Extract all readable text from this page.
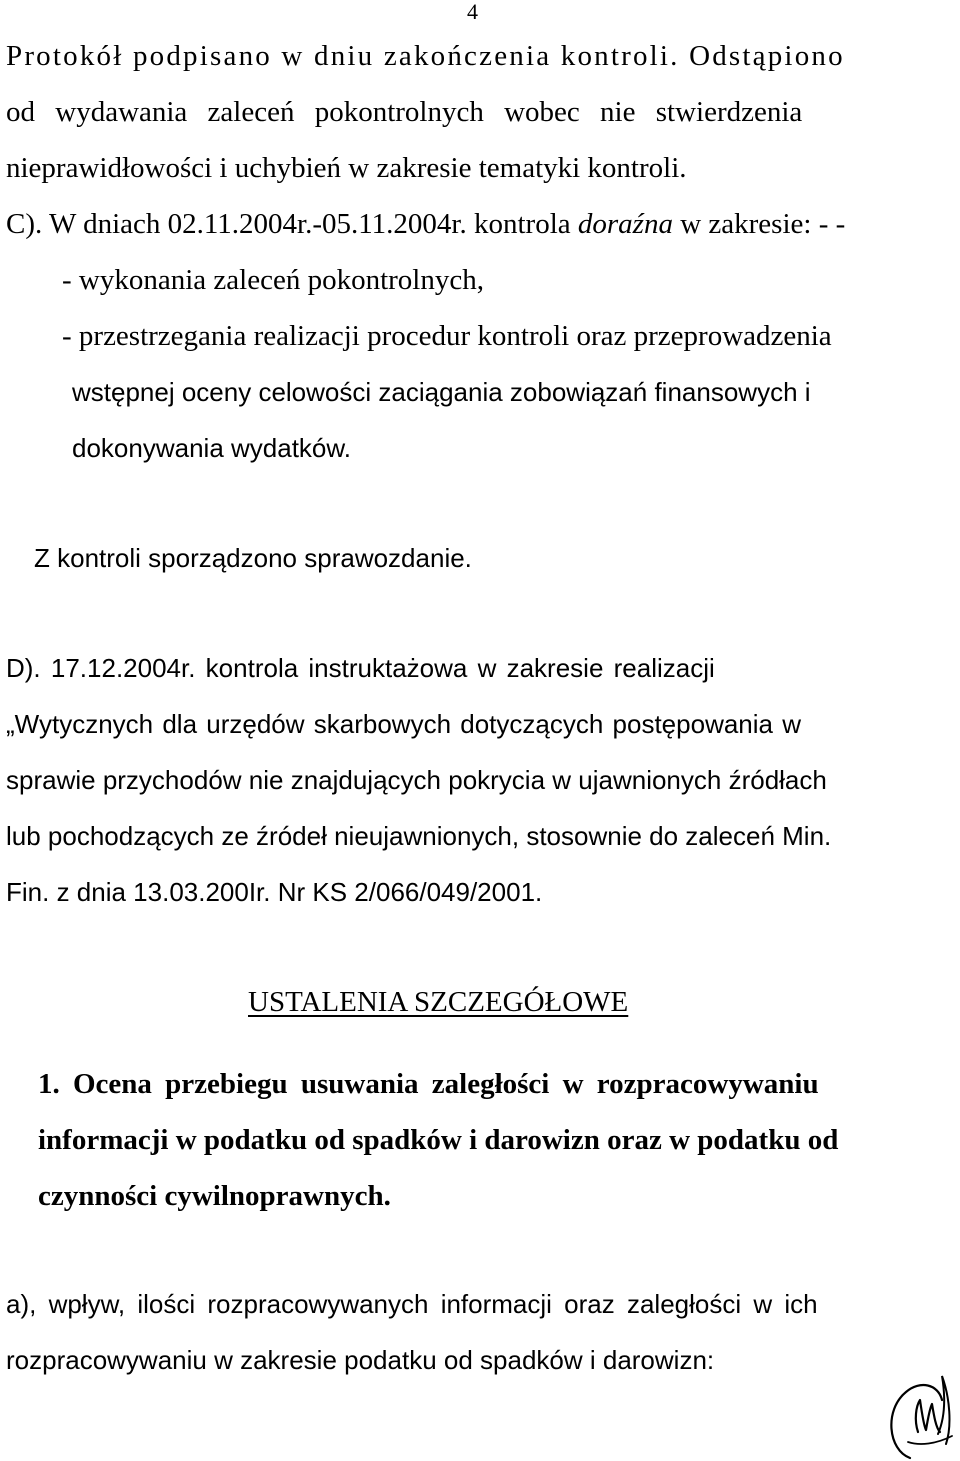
4
Protokół podpisano w dniu zakończenia kontroli. Odstąpiono
od wydawania zaleceń pokontrolnych wobec nie stwierdzenia
nieprawidłowości i uchybień w zakresie tematyki kontroli.
C). W dniach 02.11.2004r.-05.11.2004r. kontrola doraźna w zakresie: - -
- wykonania zaleceń pokontrolnych,
- przestrzegania realizacji procedur kontroli oraz przeprowadzenia
wstępnej oceny celowości zaciągania zobowiązań finansowych i
dokonywania wydatków.
Z kontroli sporządzono sprawozdanie.
D). 17.12.2004r. kontrola instruktażowa w zakresie realizacji
„Wytycznych dla urzędów skarbowych dotyczących postępowania w
sprawie przychodów nie znajdujących pokrycia w ujawnionych źródłach
lub pochodzących ze źródeł nieujawnionych, stosownie do zaleceń Min.
Fin. z dnia 13.03.200Ir. Nr KS 2/066/049/2001.
USTALENIA SZCZEGÓŁOWE
1. Ocena przebiegu usuwania zaległości w rozpracowywaniu
informacji w podatku od spadków i darowizn oraz w podatku od
czynności cywilnoprawnych.
a), wpływ, ilości rozpracowywanych informacji oraz zaległości w ich
rozpracowywaniu w zakresie podatku od spadków i darowizn:
